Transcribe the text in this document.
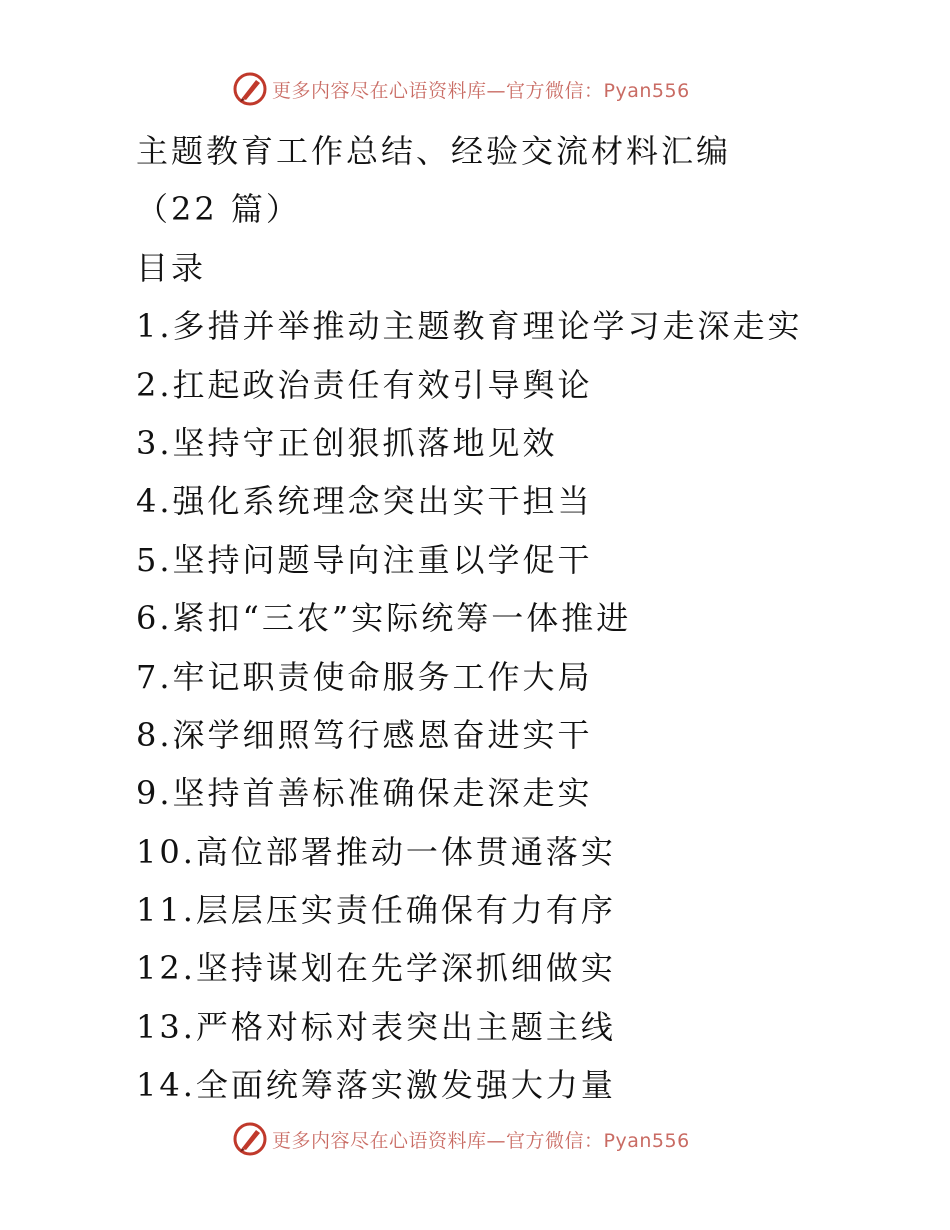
更多内容尽在心语资料库—官方微信：Pyan556
主题教育工作总结、经验交流材料汇编
（22 篇）
目录
1.多措并举推动主题教育理论学习走深走实
2.扛起政治责任有效引导舆论
3.坚持守正创狠抓落地见效
4.强化系统理念突出实干担当
5.坚持问题导向注重以学促干
6.紧扣“三农”实际统筹一体推进
7.牢记职责使命服务工作大局
8.深学细照笃行感恩奋进实干
9.坚持首善标准确保走深走实
10.高位部署推动一体贯通落实
11.层层压实责任确保有力有序
12.坚持谋划在先学深抓细做实
13.严格对标对表突出主题主线
14.全面统筹落实激发强大力量
更多内容尽在心语资料库—官方微信：Pyan556
